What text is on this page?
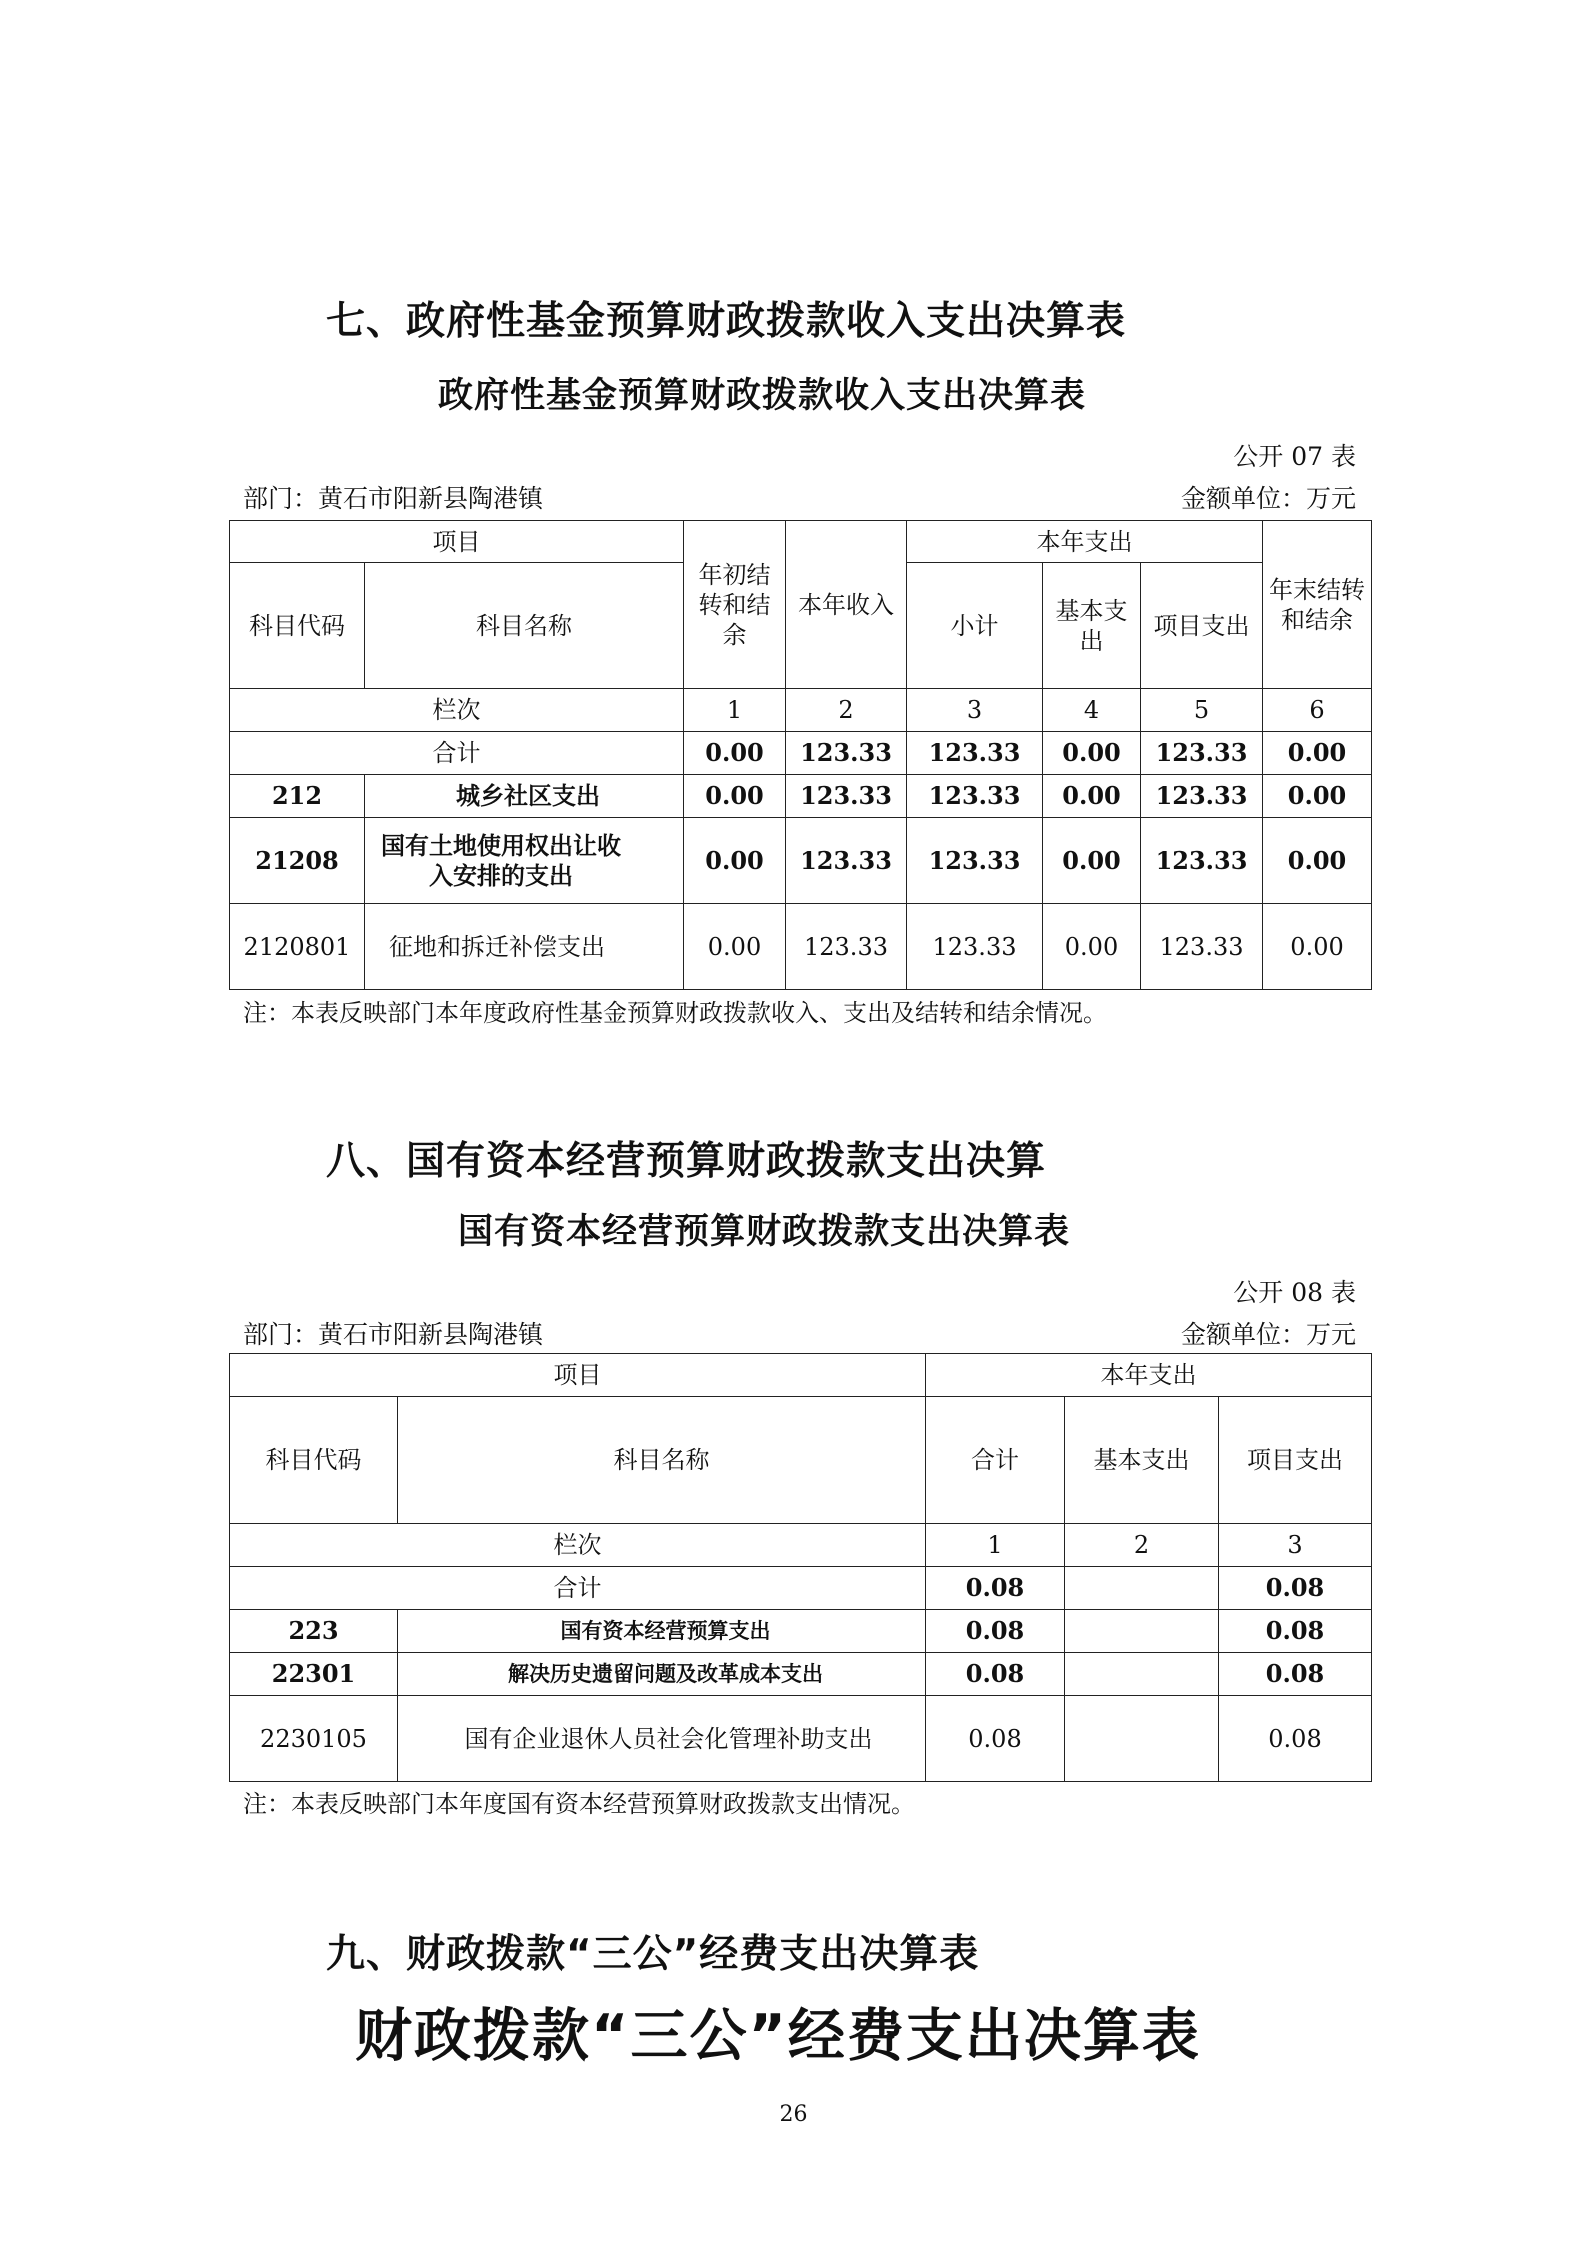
七、政府性基金预算财政拨款收入支出决算表
政府性基金预算财政拨款收入支出决算表
公开 07 表
部门：黄石市阳新县陶港镇	金额单位：万元
项目		年初结转和结余	本年收入	本年支出			年末结转和结余
科目代码	科目名称			小计	基本支出	项目支出	
栏次		1	2	3	4	5	6
合计		0.00	123.33	123.33	0.00	123.33	0.00
212	城乡社区支出	0.00	123.33	123.33	0.00	123.33	0.00
21208	国有土地使用权出让收入安排的支出	0.00	123.33	123.33	0.00	123.33	0.00
2120801	征地和拆迁补偿支出	0.00	123.33	123.33	0.00	123.33	0.00
注：本表反映部门本年度政府性基金预算财政拨款收入、支出及结转和结余情况。
八、国有资本经营预算财政拨款支出决算
国有资本经营预算财政拨款支出决算表
公开 08 表
部门：黄石市阳新县陶港镇	金额单位：万元
项目		本年支出		
科目代码	科目名称	合计	基本支出	项目支出
栏次		1	2	3
合计		0.08		0.08
223	国有资本经营预算支出	0.08		0.08
22301	解决历史遗留问题及改革成本支出	0.08		0.08
2230105	国有企业退休人员社会化管理补助支出	0.08		0.08
注：本表反映部门本年度国有资本经营预算财政拨款支出情况。
九、财政拨款“三公”经费支出决算表
财政拨款“三公”经费支出决算表
26
